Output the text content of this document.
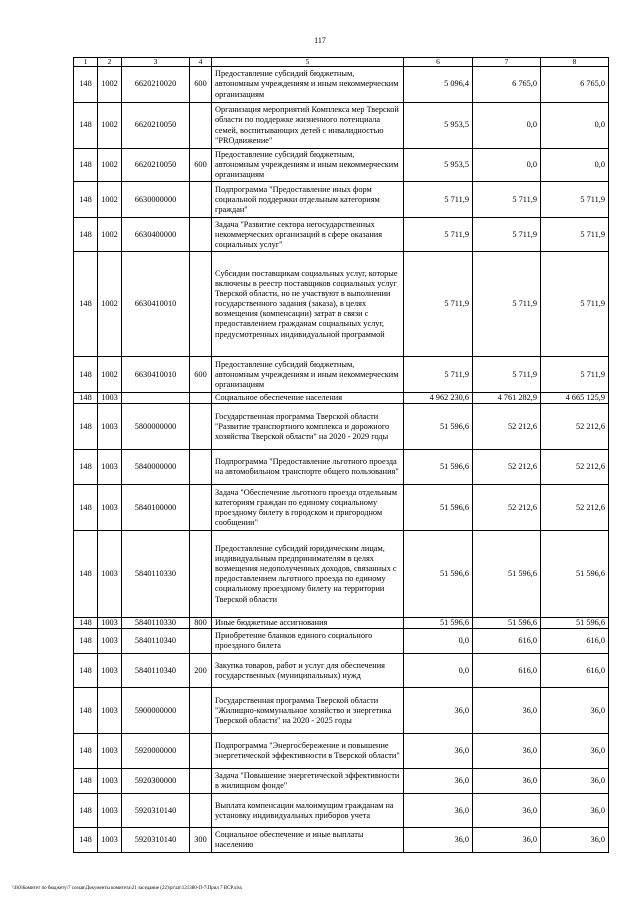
117
1	2	3	4	5	6	7	8
148	1002	6620210020	600	Предоставление субсидий бюджетным, автономным учреждениям и иным некоммерческим организациям	5 096,4	6 765,0	6 765,0
148	1002	6620210050		Организация мероприятий Комплекса мер Тверской области по поддержке жизненного потенциала семей, воспитывающих детей с инвалидностью "PROдвижение"	5 953,5	0,0	0,0
148	1002	6620210050	600	Предоставление субсидий бюджетным, автономным учреждениям и иным некоммерческим организациям	5 953,5	0,0	0,0
148	1002	6630000000		Подпрограмма "Предоставление иных форм социальной поддержки отдельным категориям граждан"	5 711,9	5 711,9	5 711,9
148	1002	6630400000		Задача "Развитие сектора негосударственных некоммерческих организаций в сфере оказания социальных услуг"	5 711,9	5 711,9	5 711,9
148	1002	6630410010		Субсидии поставщикам социальных услуг, которые включены в реестр поставщиков социальных услуг Тверской области, но не участвуют в выполнении государственного задания (заказа), в целях возмещения (компенсации) затрат в связи с предоставлением гражданам социальных услуг, предусмотренных индивидуальной программой	5 711,9	5 711,9	5 711,9
148	1002	6630410010	600	Предоставление субсидий бюджетным, автономным учреждениям и иным некоммерческим организациям	5 711,9	5 711,9	5 711,9
148	1003			Социальное обеспечение населения	4 962 230,6	4 761 282,9	4 665 125,9
148	1003	5800000000		Государственная программа Тверской области "Развитие транспортного комплекса и дорожного хозяйства Тверской области" на 2020 - 2029 годы	51 596,6	52 212,6	52 212,6
148	1003	5840000000		Подпрограмма "Предоставление льготного проезда на автомобильном транспорте общего пользования"	51 596,6	52 212,6	52 212,6
148	1003	5840100000		Задача "Обеспечение льготного проезда отдельным категориям граждан по единому социальному проездному билету в городском и пригородном сообщении"	51 596,6	52 212,6	52 212,6
148	1003	5840110330		Предоставление субсидий юридическим лицам, индивидуальным предпринимателям в целях возмещения недополученных доходов, связанных с предоставлением льготного проезда по единому социальному проездному билету на территории Тверской области	51 596,6	51 596,6	51 596,6
148	1003	5840110330	800	Иные бюджетные ассигнования	51 596,6	51 596,6	51 596,6
148	1003	5840110340		Приобретение бланков единого социального проездного билета	0,0	616,0	616,0
148	1003	5840110340	200	Закупка товаров, работ и услуг для обеспечения государственных (муниципальных) нужд	0,0	616,0	616,0
148	1003	5900000000		Государственная программа Тверской области "Жилищно-коммунальное хозяйство и энергетика Тверской области" на 2020 - 2025 годы	36,0	36,0	36,0
148	1003	5920000000		Подпрограмма "Энергосбережение и повышение энергетической эффективности в Тверской области"	36,0	36,0	36,0
148	1003	5920300000		Задача "Повышение энергетической эффективности в жилищном фонде"	36,0	36,0	36,0
148	1003	5920310140		Выплата компенсации малоимущим гражданам на установку индивидуальных приборов учета	36,0	36,0	36,0
148	1003	5920310140	300	Социальное обеспечение и иные выплаты населению	36,0	36,0	36,0
\\fs0\Комитет по бюджету\7 созыв\Документы комитета\21 заседание (22)\pr\zn\121380-П-7\Прил 7 ВСР.xlsx
